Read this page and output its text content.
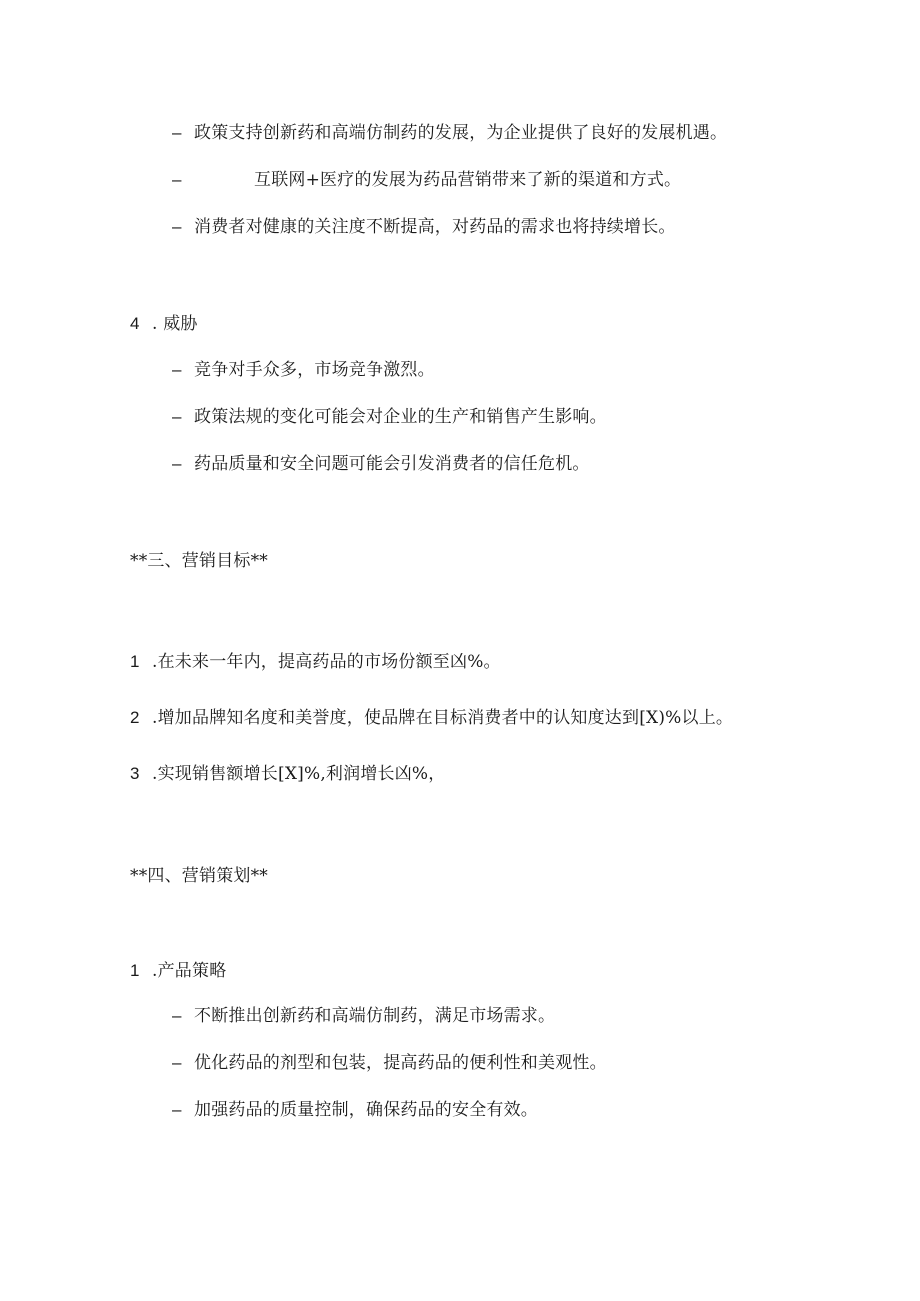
– 政策支持创新药和高端仿制药的发展，为企业提供了良好的发展机遇。
–	互联网+医疗的发展为药品营销带来了新的渠道和方式。
– 消费者对健康的关注度不断提高，对药品的需求也将持续增长。
4 . 威胁
– 竞争对手众多，市场竞争激烈。
– 政策法规的变化可能会对企业的生产和销售产生影响。
– 药品质量和安全问题可能会引发消费者的信任危机。
**三、营销目标**
1 .在未来一年内，提高药品的市场份额至凶%。
2 .增加品牌知名度和美誉度，使品牌在目标消费者中的认知度达到[X)%以上。
3 .实现销售额增长[X]%,利润增长凶%，
**四、营销策划**
1 .产品策略
– 不断推出创新药和高端仿制药，满足市场需求。
– 优化药品的剂型和包装，提高药品的便利性和美观性。
– 加强药品的质量控制，确保药品的安全有效。
